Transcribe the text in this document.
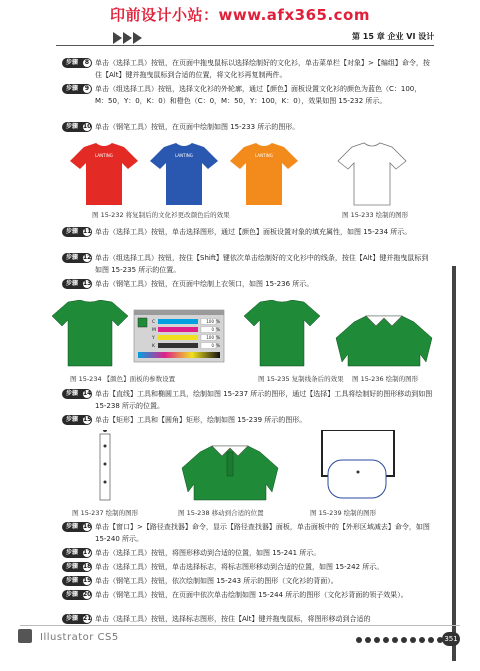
印前设计小站：www.afx365.com
第 15 章 企业 VI 设计
步骤	8 单击（选择工具）按钮，在页面中拖曳鼠标以选择绘制好的文化衫，单击菜单栏【对象】>【编组】命令，按住【Alt】键并拖曳鼠标到合适的位置，将文化衫再复制两件。
步骤	9 单击（组选择工具）按钮，选择文化衫的外轮廓，通过【颜色】面板设置文化衫的颜色为蓝色（C：100，M：50，Y：0，K：0）和橙色（C：0，M：50，Y：100，K：0），效果如图 15-232 所示。
步骤 10 单击（钢笔工具）按钮，在页面中绘制如图 15-233 所示的图形。
LANTING	LANTING	LANTING
图 15-232 将复制后的文化衫更改颜色后的效果	图 15-233 绘制的图形
步骤 11 单击（选择工具）按钮，单击选择图形，通过【颜色】面板设置对象的填充属性，如图 15-234 所示。
步骤 12 单击（组选择工具）按钮，按住【Shift】键依次单击绘制好的文化衫中的线条，按住【Alt】键并拖曳鼠标到如图 15-235 所示的位置。
步骤 13 单击（钢笔工具）按钮，在页面中绘制上衣领口，如图 15-236 所示。
C	100 %
M	0 %
Y	100 %
K	0 %
图 15-234 【颜色】面板的参数设置	图 15-235 复制线条后的效果 图 15-236 绘制的图形
步骤 14 单击【直线】工具和椭圆工具，绘制如图 15-237 所示的图形，通过【选择】工具将绘制好的图形移动到如图 15-238 所示的位置。
步骤 15 单击【矩形】工具和【圆角】矩形，绘制如图 15-239 所示的图形。
图 15-237 绘制的图形	图 15-238 移动到合适的位置	图 15-239 绘制的图形
步骤 16 单击【窗口】>【路径查找器】命令，显示【路径查找器】面板，单击面板中的【外形区域减去】命令，如图 15-240 所示。
步骤 17 单击（选择工具）按钮，将图形移动到合适的位置，如图 15-241 所示。
步骤 18 单击（选择工具）按钮，单击选择标志，将标志图形移动到合适的位置，如图 15-242 所示。
步骤 19 单击（钢笔工具）按钮，依次绘制如图 15-243 所示的图形（文化衫的背面）。
步骤 20 单击（钢笔工具）按钮，在页面中依次单击绘制如图 15-244 所示的图形（文化衫背面的领子效果）。
步骤 21 单击（选择工具）按钮，选择标志图形，按住【Alt】键并拖曳鼠标，将图形移动到合适的
Illustrator CS5	351
